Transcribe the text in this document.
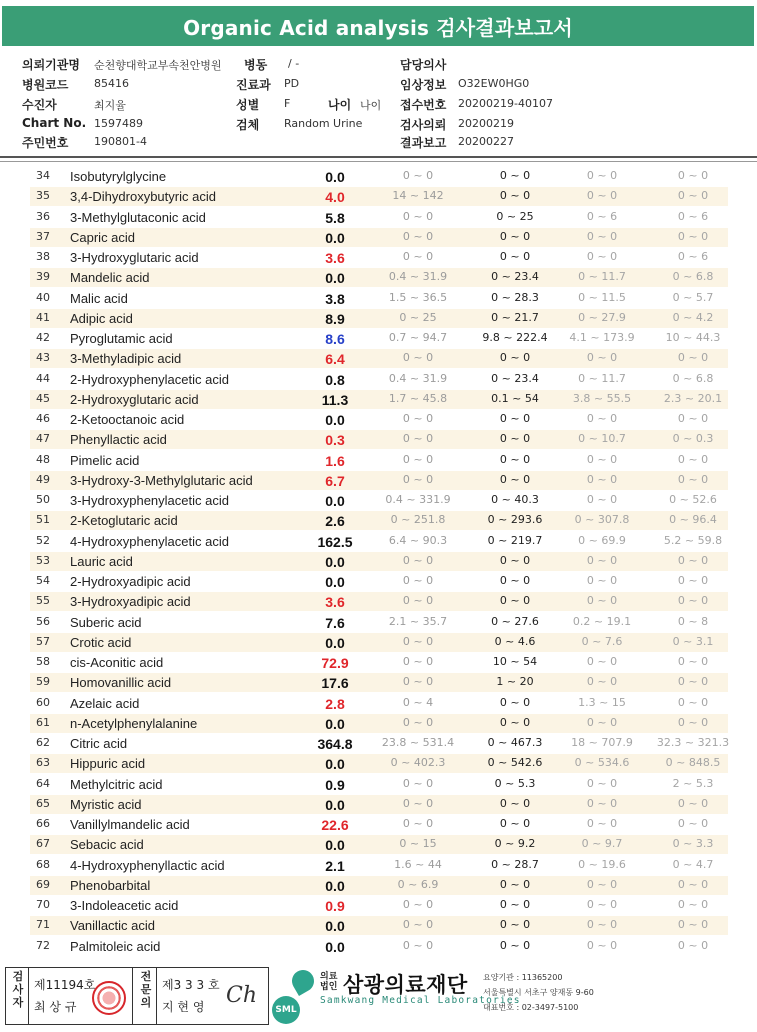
Organic Acid analysis 검사결과보고서
의뢰기관명 순천향대학교부속천안병원 병동 / -	담당의사
병원코드 85416	진료과 PD	임상정보 O32EW0HG0
수진자	최지율	성별 F	나이 나이 접수번호 20200219-40107
Chart No. 1597489	검체 Random Urine	검사의뢰 20200219
주민번호 190801-4	결과보고 20200227
34	Isobutyrylglycine	0.0	0 ~ 0	0 ~ 0	0 ~ 0	0 ~ 0
35	3,4-Dihydroxybutyric acid	4.0	14 ~ 142	0 ~ 0	0 ~ 0	0 ~ 0
36	3-Methylglutaconic acid	5.8	0 ~ 0	0 ~ 25	0 ~ 6	0 ~ 6
37	Capric acid	0.0	0 ~ 0	0 ~ 0	0 ~ 0	0 ~ 0
38	3-Hydroxyglutaric acid	3.6	0 ~ 0	0 ~ 0	0 ~ 0	0 ~ 6
39	Mandelic acid	0.0	0.4 ~ 31.9	0 ~ 23.4	0 ~ 11.7	0 ~ 6.8
40	Malic acid	3.8	1.5 ~ 36.5	0 ~ 28.3	0 ~ 11.5	0 ~ 5.7
41	Adipic acid	8.9	0 ~ 25	0 ~ 21.7	0 ~ 27.9	0 ~ 4.2
42	Pyroglutamic acid	8.6	0.7 ~ 94.7	9.8 ~ 222.4	4.1 ~ 173.9	10 ~ 44.3
43	3-Methyladipic acid	6.4	0 ~ 0	0 ~ 0	0 ~ 0	0 ~ 0
44	2-Hydroxyphenylacetic acid	0.8	0.4 ~ 31.9	0 ~ 23.4	0 ~ 11.7	0 ~ 6.8
45	2-Hydroxyglutaric acid	11.3	1.7 ~ 45.8	0.1 ~ 54	3.8 ~ 55.5	2.3 ~ 20.1
46	2-Ketooctanoic acid	0.0	0 ~ 0	0 ~ 0	0 ~ 0	0 ~ 0
47	Phenyllactic acid	0.3	0 ~ 0	0 ~ 0	0 ~ 10.7	0 ~ 0.3
48	Pimelic acid	1.6	0 ~ 0	0 ~ 0	0 ~ 0	0 ~ 0
49	3-Hydroxy-3-Methylglutaric acid	6.7	0 ~ 0	0 ~ 0	0 ~ 0	0 ~ 0
50	3-Hydroxyphenylacetic acid	0.0	0.4 ~ 331.9	0 ~ 40.3	0 ~ 0	0 ~ 52.6
51	2-Ketoglutaric acid	2.6	0 ~ 251.8	0 ~ 293.6	0 ~ 307.8	0 ~ 96.4
52	4-Hydroxyphenylacetic acid	162.5	6.4 ~ 90.3	0 ~ 219.7	0 ~ 69.9	5.2 ~ 59.8
53	Lauric acid	0.0	0 ~ 0	0 ~ 0	0 ~ 0	0 ~ 0
54	2-Hydroxyadipic acid	0.0	0 ~ 0	0 ~ 0	0 ~ 0	0 ~ 0
55	3-Hydroxyadipic acid	3.6	0 ~ 0	0 ~ 0	0 ~ 0	0 ~ 0
56	Suberic acid	7.6	2.1 ~ 35.7	0 ~ 27.6	0.2 ~ 19.1	0 ~ 8
57	Crotic acid	0.0	0 ~ 0	0 ~ 4.6	0 ~ 7.6	0 ~ 3.1
58	cis-Aconitic acid	72.9	0 ~ 0	10 ~ 54	0 ~ 0	0 ~ 0
59	Homovanillic acid	17.6	0 ~ 0	1 ~ 20	0 ~ 0	0 ~ 0
60	Azelaic acid	2.8	0 ~ 4	0 ~ 0	1.3 ~ 15	0 ~ 0
61	n-Acetylphenylalanine	0.0	0 ~ 0	0 ~ 0	0 ~ 0	0 ~ 0
62	Citric acid	364.8	23.8 ~ 531.4	0 ~ 467.3	18 ~ 707.9	32.3 ~ 321.3
63	Hippuric acid	0.0	0 ~ 402.3	0 ~ 542.6	0 ~ 534.6	0 ~ 848.5
64	Methylcitric acid	0.9	0 ~ 0	0 ~ 5.3	0 ~ 0	2 ~ 5.3
65	Myristic acid	0.0	0 ~ 0	0 ~ 0	0 ~ 0	0 ~ 0
66	Vanillylmandelic acid	22.6	0 ~ 0	0 ~ 0	0 ~ 0	0 ~ 0
67	Sebacic acid	0.0	0 ~ 15	0 ~ 9.2	0 ~ 9.7	0 ~ 3.3
68	4-Hydroxyphenyllactic acid	2.1	1.6 ~ 44	0 ~ 28.7	0 ~ 19.6	0 ~ 4.7
69	Phenobarbital	0.0	0 ~ 6.9	0 ~ 0	0 ~ 0	0 ~ 0
70	3-Indoleacetic acid	0.9	0 ~ 0	0 ~ 0	0 ~ 0	0 ~ 0
71	Vanillactic acid	0.0	0 ~ 0	0 ~ 0	0 ~ 0	0 ~ 0
72	Palmitoleic acid	0.0	0 ~ 0	0 ~ 0	0 ~ 0	0 ~ 0
검사자
제11194호
최 상 규
전문의
제3 3 3 호
지 현 영 Ch
SML
의료
법인 삼광의료재단
Samkwang Medical Laboratories
요양기관 : 11365200
서울특별시 서초구 양재동 9-60
대표번호 : 02-3497-5100
